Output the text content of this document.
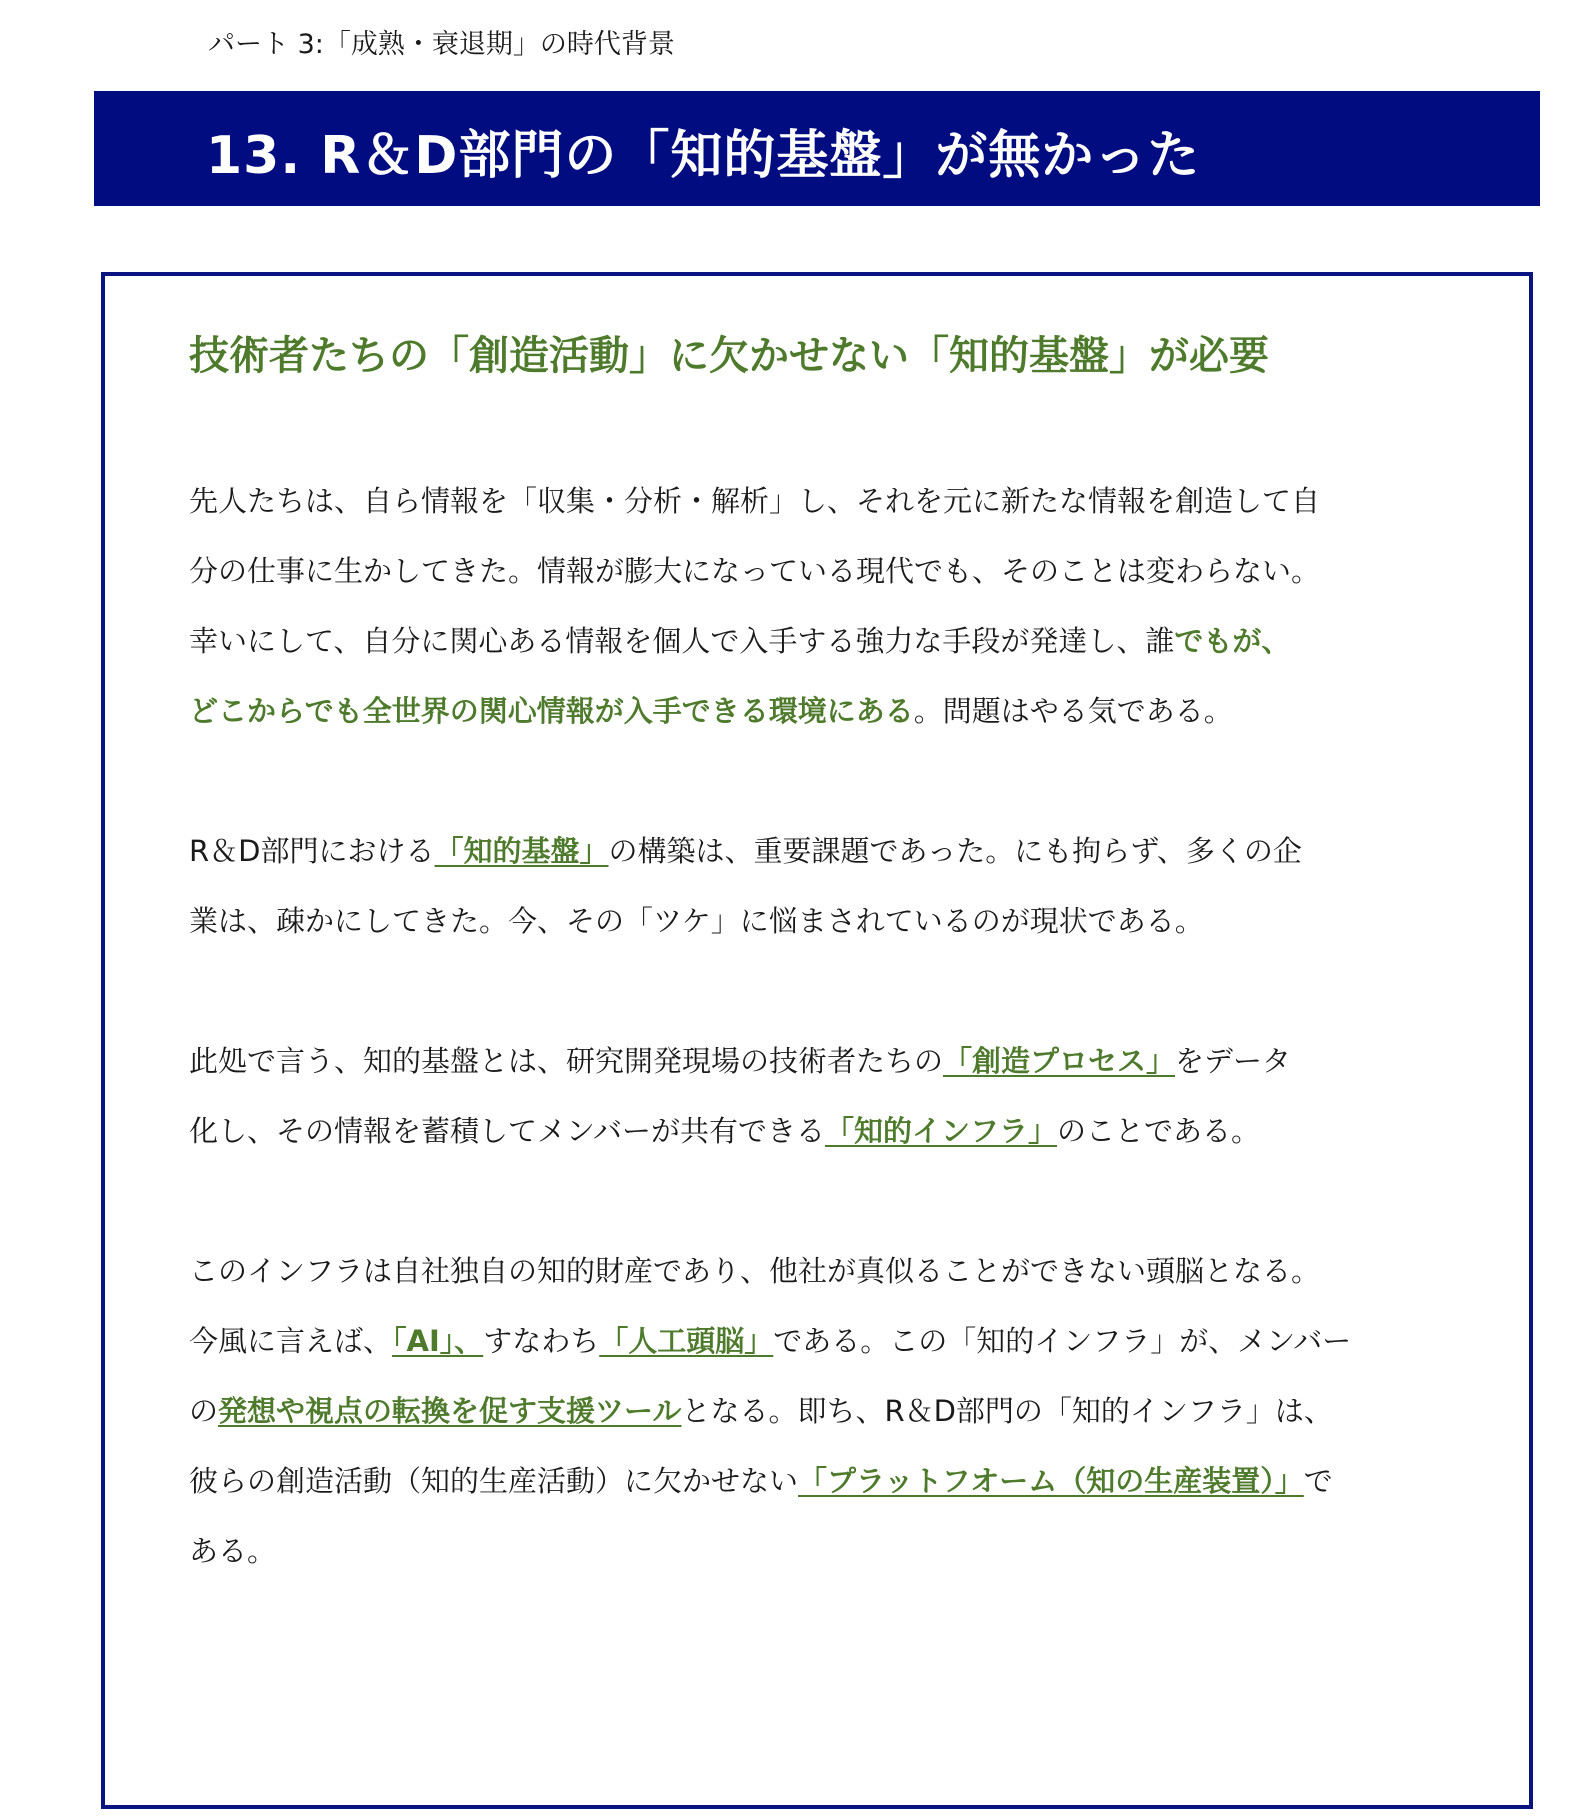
パート 3:「成熟・衰退期」の時代背景
13. R＆D部門の「知的基盤」が無かった
技術者たちの「創造活動」に欠かせない「知的基盤」が必要
先人たちは、自ら情報を「収集・分析・解析」し、それを元に新たな情報を創造して自
分の仕事に生かしてきた。情報が膨大になっている現代でも、そのことは変わらない。
幸いにして、自分に関心ある情報を個人で入手する強力な手段が発達し、誰でもが、
どこからでも全世界の関心情報が入手できる環境にある。問題はやる気である。
R＆D部門における「知的基盤」の構築は、重要課題であった。にも拘らず、多くの企
業は、疎かにしてきた。今、その「ツケ」に悩まされているのが現状である。
此処で言う、知的基盤とは、研究開発現場の技術者たちの「創造プロセス」をデータ
化し、その情報を蓄積してメンバーが共有できる「知的インフラ」のことである。
このインフラは自社独自の知的財産であり、他社が真似ることができない頭脳となる。
今風に言えば、「AI」、すなわち「人工頭脳」である。この「知的インフラ」が、メンバー
の発想や視点の転換を促す支援ツールとなる。即ち、R＆D部門の「知的インフラ」は、
彼らの創造活動（知的生産活動）に欠かせない「プラットフオーム（知の生産装置）」で
ある。
